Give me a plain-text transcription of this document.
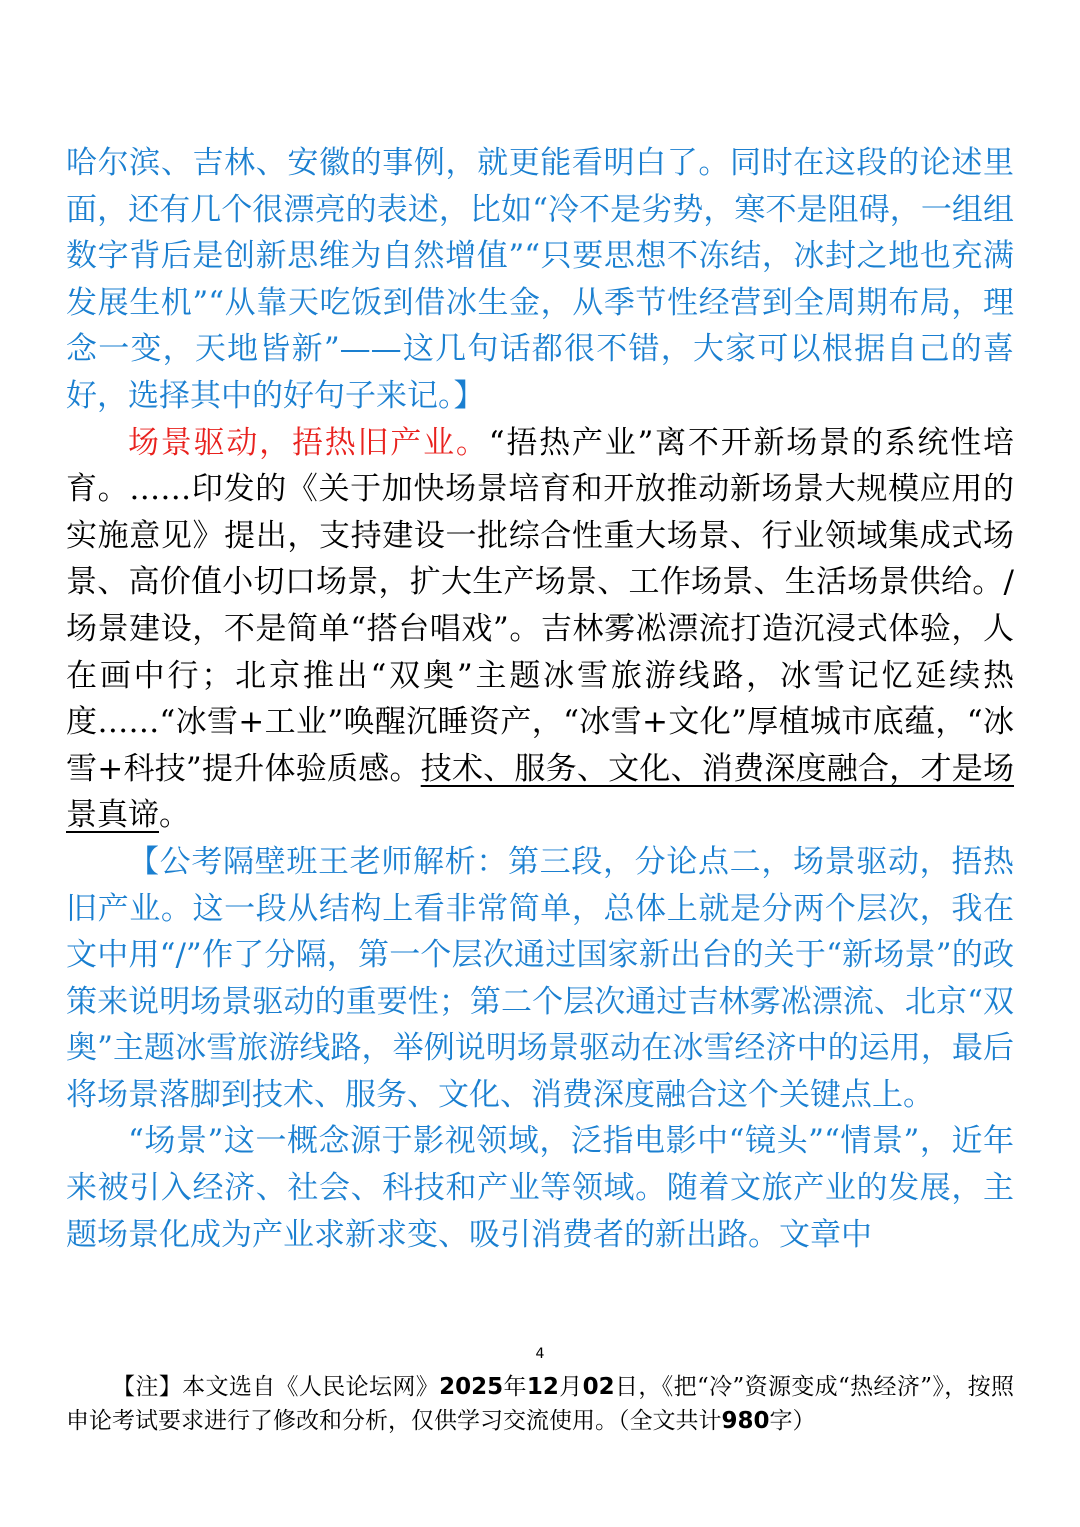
哈尔滨、吉林、安徽的事例，就更能看明白了。同时在这段的论述里面，还有几个很漂亮的表述，比如“冷不是劣势，寒不是阻碍，一组组数字背后是创新思维为自然增值”“只要思想不冻结，冰封之地也充满发展生机”“从靠天吃饭到借冰生金，从季节性经营到全周期布局，理念一变，天地皆新”——这几句话都很不错，大家可以根据自己的喜好，选择其中的好句子来记。】

场景驱动，捂热旧产业。“捂热产业”离不开新场景的系统性培育。……印发的《关于加快场景培育和开放推动新场景大规模应用的实施意见》提出，支持建设一批综合性重大场景、行业领域集成式场景、高价值小切口场景，扩大生产场景、工作场景、生活场景供给。/场景建设，不是简单“搭台唱戏”。吉林雾凇漂流打造沉浸式体验，人在画中行；北京推出“双奥”主题冰雪旅游线路，冰雪记忆延续热度……“冰雪+工业”唤醒沉睡资产，“冰雪+文化”厚植城市底蕴，“冰雪+科技”提升体验质感。技术、服务、文化、消费深度融合，才是场景真谛。

【公考隔壁班王老师解析：第三段，分论点二，场景驱动，捂热旧产业。这一段从结构上看非常简单，总体上就是分两个层次，我在文中用“/”作了分隔，第一个层次通过国家新出台的关于“新场景”的政策来说明场景驱动的重要性；第二个层次通过吉林雾凇漂流、北京“双奥”主题冰雪旅游线路，举例说明场景驱动在冰雪经济中的运用，最后将场景落脚到技术、服务、文化、消费深度融合这个关键点上。

“场景”这一概念源于影视领域，泛指电影中“镜头”“情景”，近年来被引入经济、社会、科技和产业等领域。随着文旅产业的发展，主题场景化成为产业求新求变、吸引消费者的新出路。文章中

4
【注】本文选自《人民论坛网》2025年12月02日，《把“冷”资源变成“热经济”》，按照申论考试要求进行了修改和分析，仅供学习交流使用。（全文共计980字）
